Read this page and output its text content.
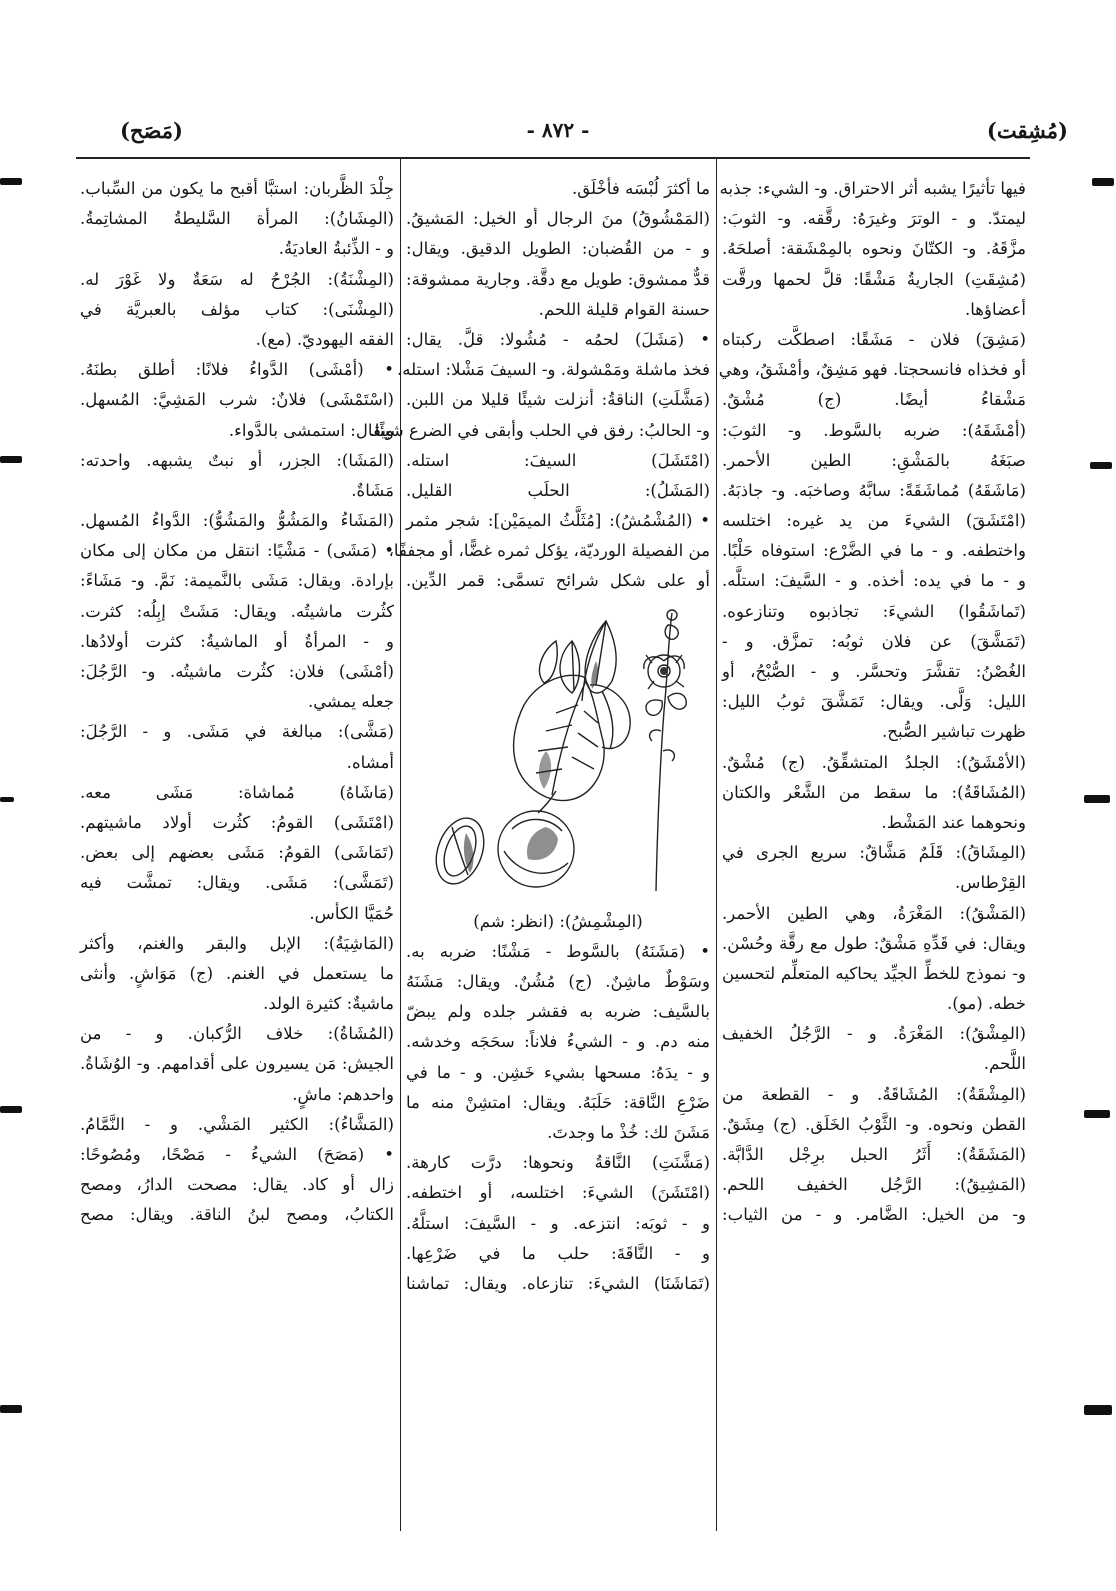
(مُشِقت)
- ٨٧٢ -
(مَصَح)
فيها تأثيرًا يشبه أثر الاحتراق. و- الشيء: جذبه
ليمتدّ. و - الوترَ وغيرَهُ: رقَّقه. و- الثوبَ:
مزَّقَهُ. و- الكتّانَ ونحوه بالمِمْشَقة: أصلحَهُ.
(مُشِقَتِ) الجاريةُ مَشْقًا: قلَّ لحمها ورقَّت
أعضاؤها.
(مَشِقَ) فلان - مَشَقًا: اصطكَّت ركبتاه
أو فخذاه فانسحجتا. فهو مَشِقٌ، وأمْشَقُ، وهي
مَشْقاءُ أيضًا. (ج) مُشْقٌ.
(أمْشَقَهُ): ضربه بالسَّوط. و- الثوبَ:
صبَغَهُ بالمَشْقِ: الطين الأحمر.
(مَاشَقَهُ) مُماشَقَةً: سابَّهُ وصاخبَه. و- جاذبَهُ.
(امْتَشَقَ) الشيءَ من يد غيره: اختلسه
واختطفه. و - ما في الضَّرْع: استوفاه حَلْبًا.
و - ما في يده: أخذه. و - السَّيفَ: استلَّه.
(تَماشَقُوا) الشيءَ: تجاذبوه وتنازعوه.
(تَمَشَّقَ) عن فلان ثوبُه: تمزَّق. و -
الغُصْنُ: تقشَّرَ وتحسَّر. و - الصُّبْحُ، أو
الليل: وَلَّى. ويقال: تَمَشَّقَ ثوبُ الليل:
ظهرت تباشير الصُّبح.
(الأمْشَقُ): الجلدُ المتشقِّقُ. (ج) مُشْقٌ.
(المُشَاقَةُ): ما سقط من الشَّعْر والكتان
ونحوهما عند المَشْط.
(المِشَاقُ): قَلَمٌ مَشَّاقٌ: سريع الجرى في
القِرْطاس.
(المَشْقُ): المَغْرَةُ، وهي الطين الأحمر.
ويقال: في قَدِّهِ مَشْقٌ: طول مع رقَّة وحُسْن.
و- نموذج للخطِّ الجيِّد يحاكيه المتعلِّم لتحسين
خطه. (مو).
(المِشْقُ): المَغْرَةُ. و - الرَّجُلُ الخفيف
اللَّحم.
(المِشْقَةُ): المُشَاقَةُ. و - القطعة من
القطن ونحوه. و- الثَّوْبُ الخَلَق. (ج) مِشَقٌ.
(المَشَقَةُ): أَثَرُ الحبل برِجْل الدَّابَّة.
(المَشِيقُ): الرَّجُل الخفيف اللحم.
و- من الخيل: الضَّامر. و - من الثياب:
ما أكثرَ لُبْسَه فأخْلَق.
(المَمْشُوقُ) منَ الرجال أو الخيل: المَشيقُ.
و - من القُضبان: الطويل الدقيق. ويقال:
قدٌّ ممشوق: طويل مع دقَّة. وجارية ممشوقة:
حسنة القوام قليلة اللحم.
• (مَشَلَ) لحمُه - مُشُولا: قلَّ. يقال:
فخذ ماشلة ومَمْشولة. و- السيفَ مَشْلا: استله.
(مَشَّلَتِ) الناقةُ: أنزلت شيئًا قليلا من اللبن.
و- الحالبُ: رفق في الحلب وأبقى في الضرع شيئًا.
(امْتَشَلَ) السيفَ: استله.
(المَشَلُ): الحلَب القليل.
• (المُشْمُشُ): [مُثَلَّثُ الميمَيْن]: شجر مثمر
من الفصيلة الورديّة، يؤكل ثمره غضًّا، أو مجففًا،
أو على شكل شرائح تسمَّى: قمر الدِّين.
(المِشْمِشُ): (انظر: شم)
• (مَشَنَهُ) بالسَّوط - مَشْنًا: ضربه به.
وسَوْطٌ ماشِنٌ. (ج) مُشُنٌ. ويقال: مَشَنَهُ
بالسَّيف: ضربه به فقشر جلده ولم يبضّ
منه دم. و - الشيءُ فلاناً: سحَجَه وخدشه.
و - يدَهُ: مسحها بشيء خَشِن. و - ما في
ضَرْعِ النَّاقة: حَلَبَهُ. ويقال: امتشِنْ منه ما
مَشَنَ لك: خُذْ ما وجدتَ.
(مَشَّنَتِ) النَّاقةُ ونحوها: درَّت كارهة.
(امْتَشَنَ) الشيءَ: اختلسه، أو اختطفه.
و - ثوبَه: انتزعه. و - السَّيفَ: استلَّهُ.
و - النَّاقَةَ: حلب ما في ضَرْعِها.
(تَمَاشَنَا) الشيءَ: تنازعاه. ويقال: تماشنا
جِلْدَ الظَّربان: استبَّا أقبح ما يكون من السِّباب.
(المِشَانُ): المرأة السَّليطةُ المشاتِمةُ.
و - الذِّئبةُ العاديَةُ.
(المِشْنَةُ): الجُرْحُ له سَعَةٌ ولا غَوْرَ له.
(المِشْنَى): كتاب مؤلف بالعبريَّة في
الفقه اليهوديّ. (مع).
• (أمْشَى) الدَّواءُ فلانًا: أطلق بطنَهُ.
(اسْتَمْشَى) فلانٌ: شرب المَشِيَّ: المُسهل.
ويقال: استمشى بالدَّواء.
(المَشَا): الجزر، أو نبتٌ يشبهه. واحدته:
مَشَاةٌ.
(المَشَاءُ والمَشُوُّ والمَشُوُّ): الدَّواءُ المُسهل.
• (مَشَى) - مَشْيًا: انتقل من مكان إلى مكان
بإرادة. ويقال: مَشَى بالنَّميمة: نَمَّ. و- مَشَاءً:
كثُرت ماشيتُه. ويقال: مَشَتْ إبِلُه: كثرت.
و - المرأةُ أو الماشيةُ: كثرت أولادُها.
(أمْشَى) فلان: كثُرت ماشيتُه. و- الرَّجُلَ:
جعله يمشي.
(مَشَّى): مبالغة في مَشَى. و - الرَّجُلَ:
أمشاه.
(مَاشَاهُ) مُماشاة: مَشَى معه.
(امْتَشَى) القومُ: كثُرت أولاد ماشيتهم.
(تَمَاشَى) القومُ: مَشَى بعضهم إلى بعض.
(تَمَشَّى): مَشَى. ويقال: تمشَّت فيه
حُمَيَّا الكأس.
(المَاشِيَةُ): الإبل والبقر والغنم، وأكثر
ما يستعمل في الغنم. (ج) مَوَاشٍ. وأنثى
ماشيةٌ: كثيرة الولد.
(المُشَاةُ): خلاف الرُّكبان. و - من
الجيش: مَن يسيرون على أقدامهم. و- الوُشَاةُ.
واحدهم: ماشٍ.
(المَشَّاءُ): الكثير المَشْي. و - النَّمَّامُ.
• (مَصَحَ) الشيءُ - مَصْحًا، ومُصُوحًا:
زال أو كاد. يقال: مصحت الدارُ، ومصح
الكتابُ، ومصح لبنُ الناقة. ويقال: مصح
